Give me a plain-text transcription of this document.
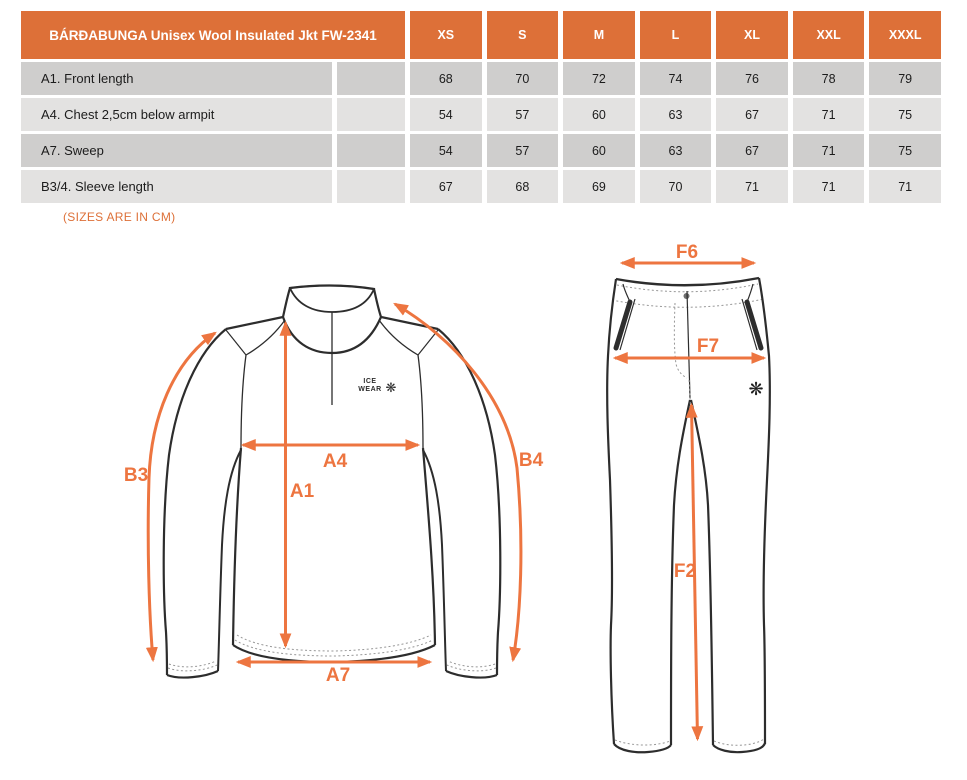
BÁRÐABUNGA Unisex Wool Insulated Jkt FW-2341		XS	S	M	L	XL	XXL	XXXL
A1. Front length		68	70	72	74	76	78	79
A4. Chest 2,5cm below armpit		54	57	60	63	67	71	75
A7. Sweep		54	57	60	63	67	71	75
B3/4. Sleeve length		67	68	69	70	71	71	71
(SIZES ARE IN CM)
ICE
WEAR ❋
A4
A1
A7
B3
B4
❋
F6
F7
F2
